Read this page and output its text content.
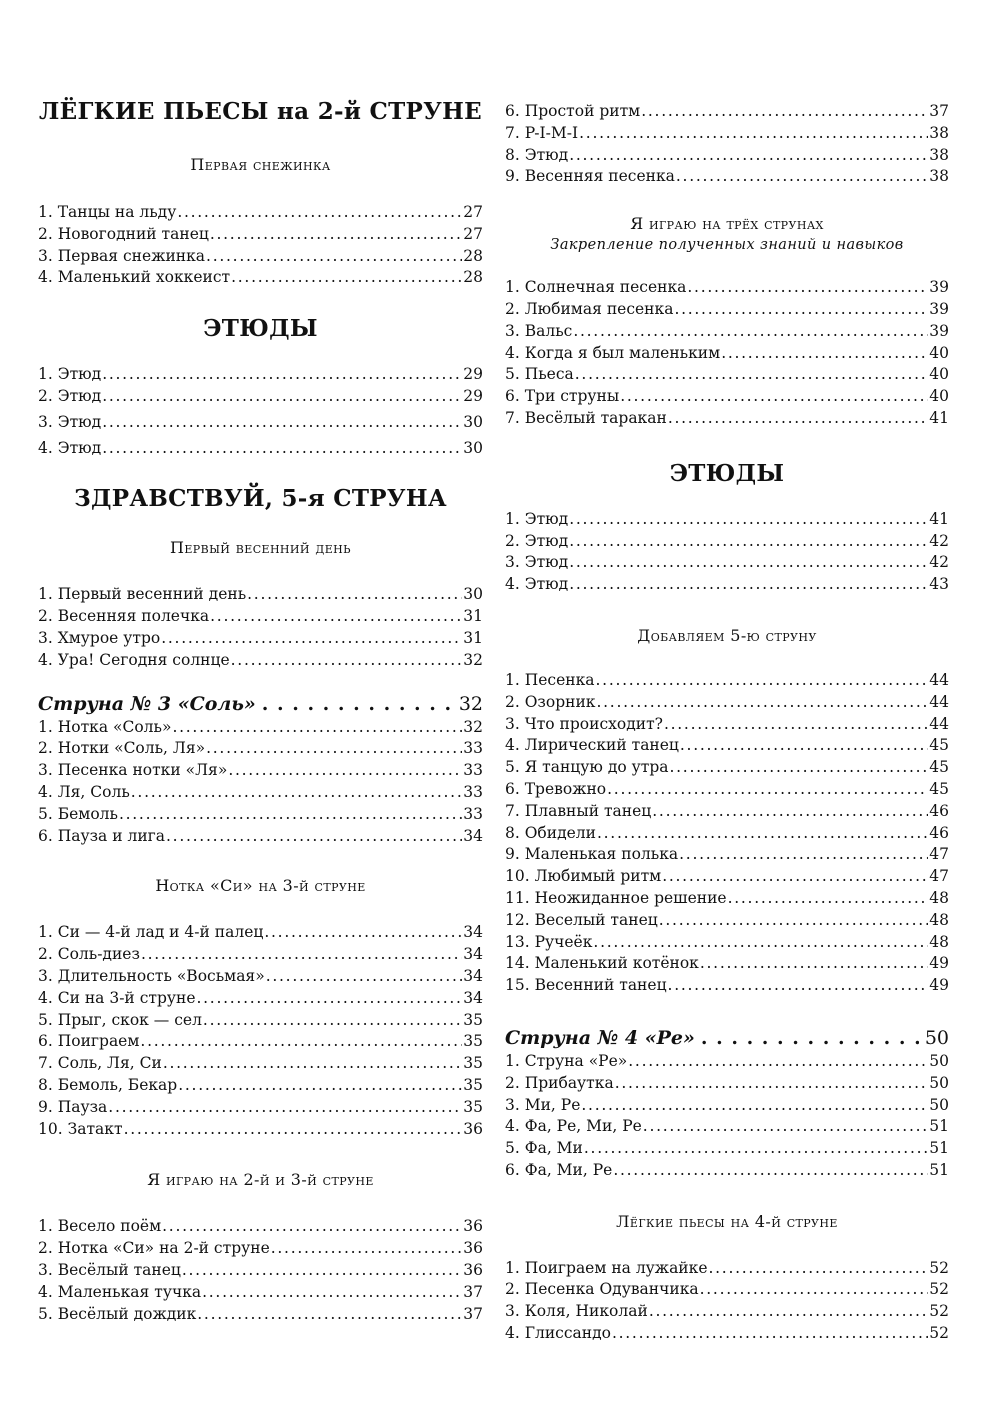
ЛЁГКИЕ ПЬЕСЫ на 2-й СТРУНЕ
Первая снежинка
1. Танцы на льду . . .	27
2. Новогодний танец . . .	27
3. Первая снежинка . . .	28
4. Маленький хоккеист . . .	28
ЭТЮДЫ
1. Этюд . . .	29
2. Этюд . . .	29
3. Этюд . . .	30
4. Этюд . . .	30
ЗДРАВСТВУЙ, 5-я СТРУНА
Первый весенний день
1. Первый весенний день . . .	30
2. Весенняя полечка . . .	31
3. Хмурое утро . . .	31
4. Ура! Сегодня солнце . . .	32
Струна № 3 «Соль» . . .	32
1. Нотка «Соль» . . .	32
2. Нотки «Соль, Ля» . . .	33
3. Песенка нотки «Ля» . . .	33
4. Ля, Соль . . .	33
5. Бемоль . . .	33
6. Пауза и лига . . .	34
Нотка «Си» на 3-й струне
1. Си — 4-й лад и 4-й палец . . .	34
2. Соль-диез . . .	34
3. Длительность «Восьмая» . . .	34
4. Си на 3-й струне . . .	34
5. Прыг, скок — сел . . .	35
6. Поиграем . . .	35
7. Соль, Ля, Си . . .	35
8. Бемоль, Бекар . . .	35
9. Пауза . . .	35
10. Затакт . . .	36
Я играю на 2-й и 3-й струне
1. Весело поём . . .	36
2. Нотка «Си» на 2-й струне . . .	36
3. Весёлый танец . . .	36
4. Маленькая тучка . . .	37
5. Весёлый дождик . . .	37
6. Простой ритм . . .	37
7. P-I-M-I . . .	38
8. Этюд . . .	38
9. Весенняя песенка . . .	38
Я играю на трёх струнах
Закрепление полученных знаний и навыков
1. Солнечная песенка . . .	39
2. Любимая песенка . . .	39
3. Вальс . . .	39
4. Когда я был маленьким . . .	40
5. Пьеса . . .	40
6. Три струны . . .	40
7. Весёлый таракан . . .	41
ЭТЮДЫ
1. Этюд . . .	41
2. Этюд . . .	42
3. Этюд . . .	42
4. Этюд . . .	43
Добавляем 5-ю струну
1. Песенка . . .	44
2. Озорник . . .	44
3. Что происходит? . . .	44
4. Лирический танец . . .	45
5. Я танцую до утра . . .	45
6. Тревожно . . .	45
7. Плавный танец . . .	46
8. Обидели . . .	46
9. Маленькая полька . . .	47
10. Любимый ритм . . .	47
11. Неожиданное решение . . .	48
12. Веселый танец . . .	48
13. Ручеёк . . .	48
14. Маленький котёнок . . .	49
15. Весенний танец . . .	49
Струна № 4 «Ре» . . .	50
1. Струна «Ре» . . .	50
2. Прибаутка . . .	50
3. Ми, Ре . . .	50
4. Фа, Ре, Ми, Ре . . .	51
5. Фа, Ми . . .	51
6. Фа, Ми, Ре . . .	51
Лёгкие пьесы на 4-й струне
1. Поиграем на лужайке . . .	52
2. Песенка Одуванчика . . .	52
3. Коля, Николай . . .	52
4. Глиссандо . . .	52
